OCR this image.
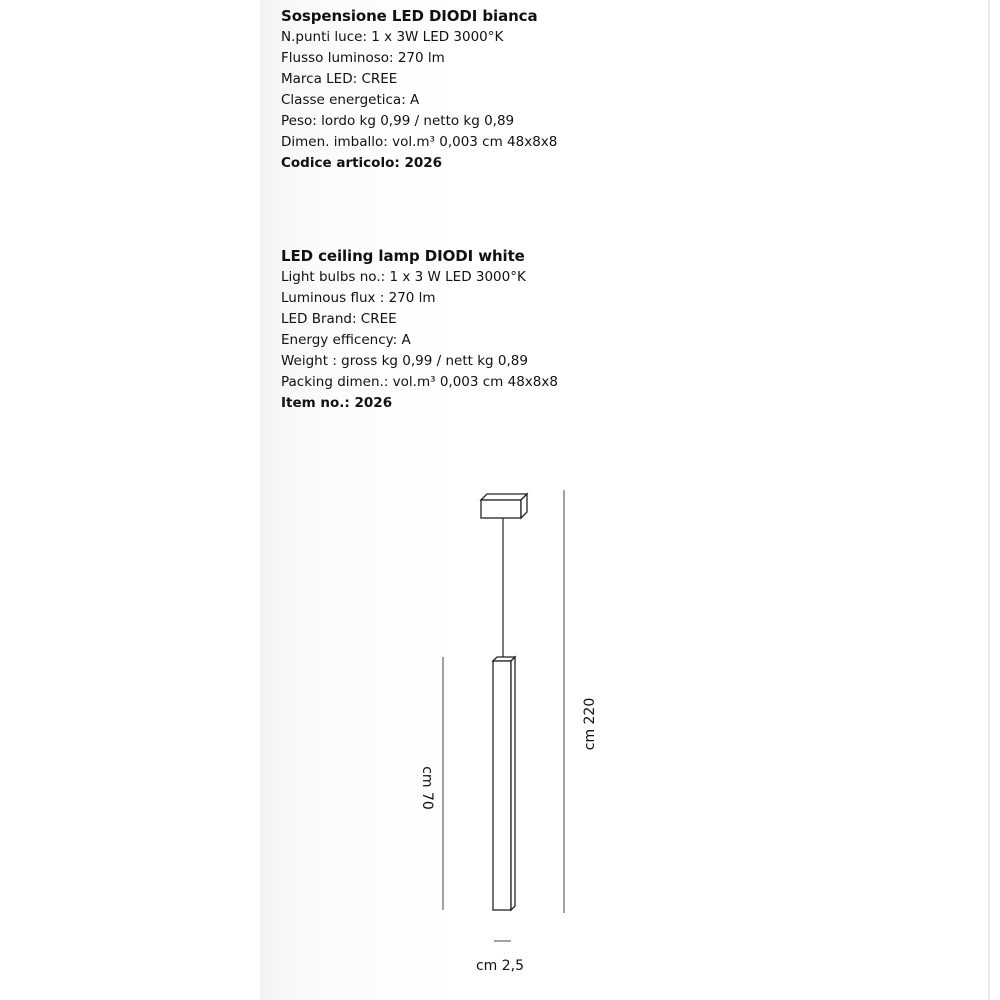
Sospensione LED DIODI bianca
N.punti luce: 1 x 3W LED 3000°K
Flusso luminoso: 270 lm
Marca LED: CREE
Classe energetica: A
Peso: lordo kg 0,99 / netto kg 0,89
Dimen. imballo: vol.m³ 0,003 cm 48x8x8
Codice articolo: 2026
LED ceiling lamp DIODI white
Light bulbs no.: 1 x 3 W LED 3000°K
Luminous flux : 270 lm
LED Brand: CREE
Energy efficency: A
Weight : gross kg 0,99 / nett kg 0,89
Packing dimen.: vol.m³ 0,003 cm 48x8x8
Item no.: 2026
cm 220
cm 70
cm 2,5
